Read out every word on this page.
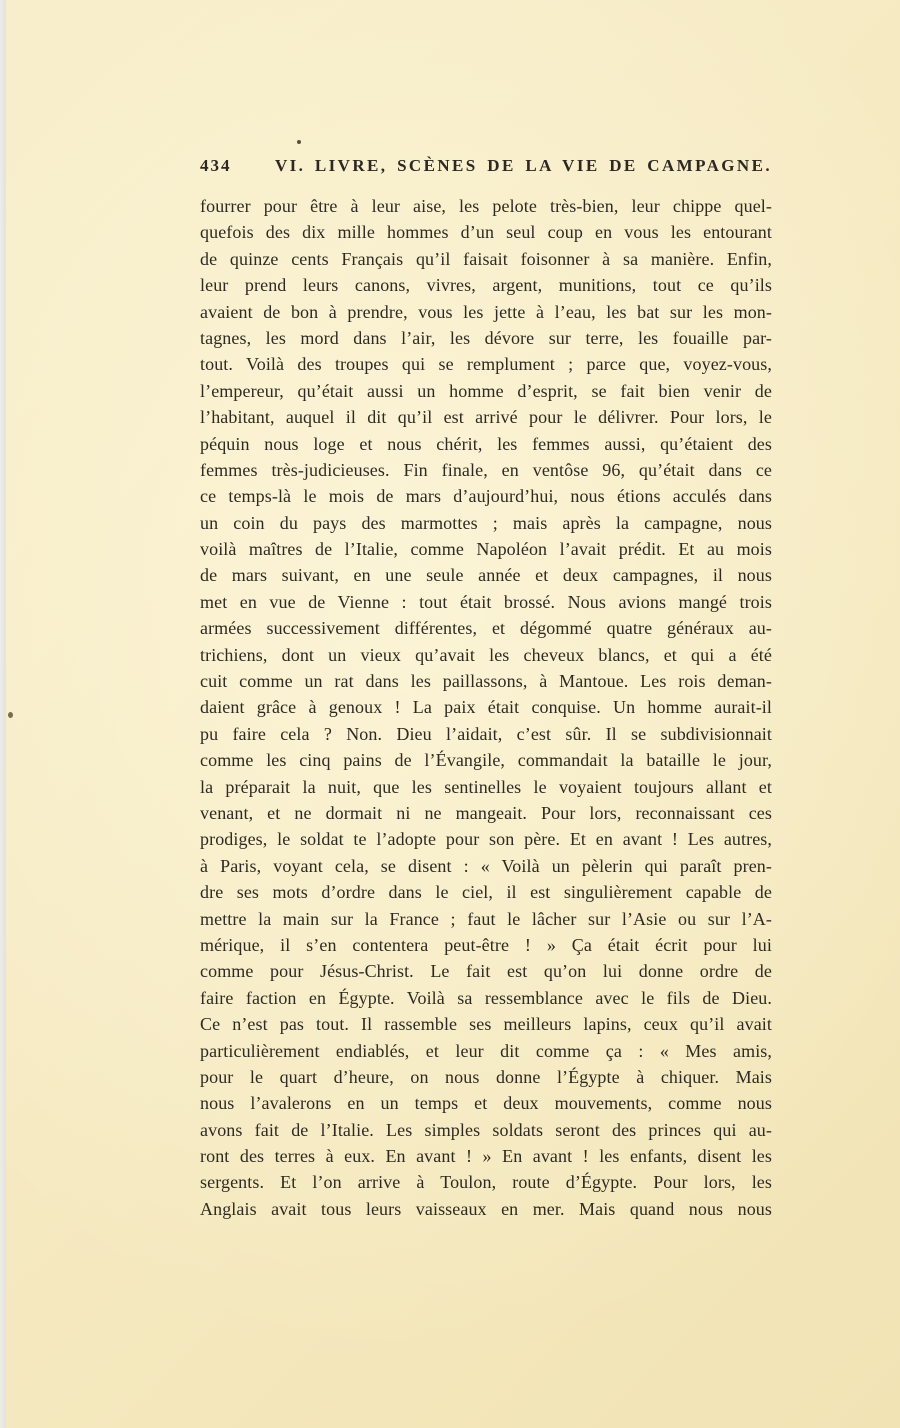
434	VI. LIVRE, SCÈNES DE LA VIE DE CAMPAGNE.
fourrer pour être à leur aise, les pelote très-bien, leur chippe quel-
quefois des dix mille hommes d’un seul coup en vous les entourant
de quinze cents Français qu’il faisait foisonner à sa manière. Enfin,
leur prend leurs canons, vivres, argent, munitions, tout ce qu’ils
avaient de bon à prendre, vous les jette à l’eau, les bat sur les mon-
tagnes, les mord dans l’air, les dévore sur terre, les fouaille par-
tout. Voilà des troupes qui se remplument ; parce que, voyez-vous,
l’empereur, qu’était aussi un homme d’esprit, se fait bien venir de
l’habitant, auquel il dit qu’il est arrivé pour le délivrer. Pour lors, le
péquin nous loge et nous chérit, les femmes aussi, qu’étaient des
femmes très-judicieuses. Fin finale, en ventôse 96, qu’était dans ce
ce temps-là le mois de mars d’aujourd’hui, nous étions acculés dans
un coin du pays des marmottes ; mais après la campagne, nous
voilà maîtres de l’Italie, comme Napoléon l’avait prédit. Et au mois
de mars suivant, en une seule année et deux campagnes, il nous
met en vue de Vienne : tout était brossé. Nous avions mangé trois
armées successivement différentes, et dégommé quatre généraux au-
trichiens, dont un vieux qu’avait les cheveux blancs, et qui a été
cuit comme un rat dans les paillassons, à Mantoue. Les rois deman-
daient grâce à genoux ! La paix était conquise. Un homme aurait-il
pu faire cela ? Non. Dieu l’aidait, c’est sûr. Il se subdivisionnait
comme les cinq pains de l’Évangile, commandait la bataille le jour,
la préparait la nuit, que les sentinelles le voyaient toujours allant et
venant, et ne dormait ni ne mangeait. Pour lors, reconnaissant ces
prodiges, le soldat te l’adopte pour son père. Et en avant ! Les autres,
à Paris, voyant cela, se disent : « Voilà un pèlerin qui paraît pren-
dre ses mots d’ordre dans le ciel, il est singulièrement capable de
mettre la main sur la France ; faut le lâcher sur l’Asie ou sur l’A-
mérique, il s’en contentera peut-être ! » Ça était écrit pour lui
comme pour Jésus-Christ. Le fait est qu’on lui donne ordre de
faire faction en Égypte. Voilà sa ressemblance avec le fils de Dieu.
Ce n’est pas tout. Il rassemble ses meilleurs lapins, ceux qu’il avait
particulièrement endiablés, et leur dit comme ça : « Mes amis,
pour le quart d’heure, on nous donne l’Égypte à chiquer. Mais
nous l’avalerons en un temps et deux mouvements, comme nous
avons fait de l’Italie. Les simples soldats seront des princes qui au-
ront des terres à eux. En avant ! » En avant ! les enfants, disent les
sergents. Et l’on arrive à Toulon, route d’Égypte. Pour lors, les
Anglais avait tous leurs vaisseaux en mer. Mais quand nous nous
